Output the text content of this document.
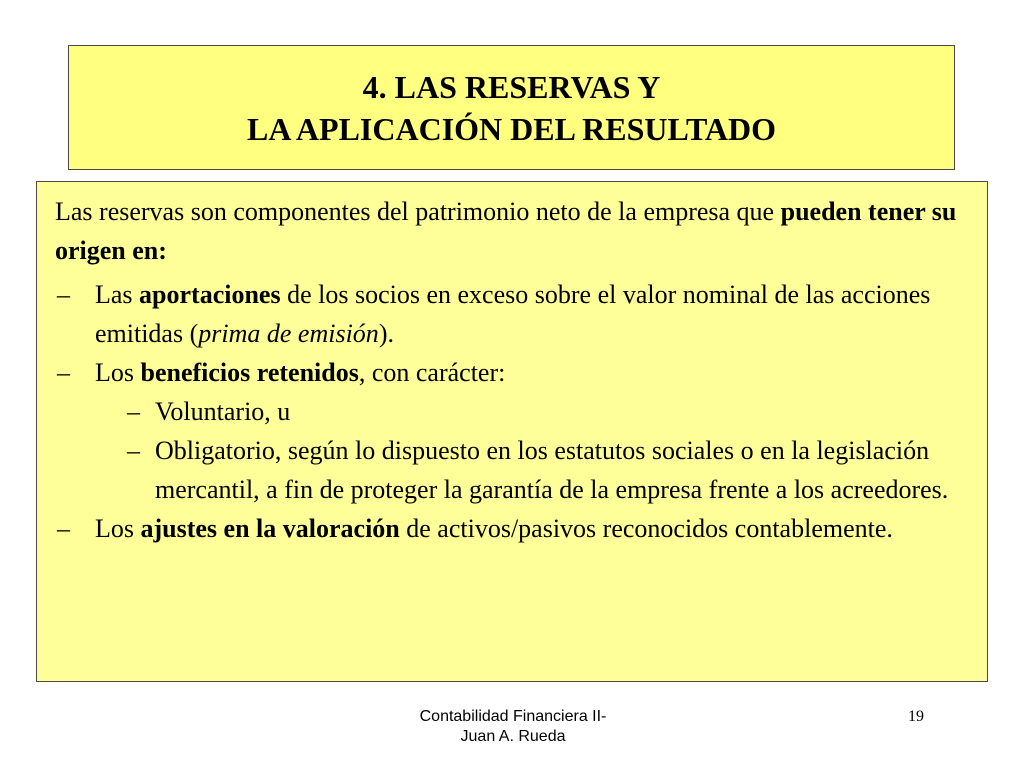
4. LAS RESERVAS Y
LA APLICACIÓN DEL RESULTADO

Las reservas son componentes del patrimonio neto de la empresa que pueden tener su origen en:

– Las aportaciones de los socios en exceso sobre el valor nominal de las acciones emitidas (prima de emisión).

– Los beneficios retenidos, con carácter:

– Voluntario, u

– Obligatorio, según lo dispuesto en los estatutos sociales o en la legislación mercantil, a fin de proteger la garantía de la empresa frente a los acreedores.

– Los ajustes en la valoración de activos/pasivos reconocidos contablemente.

Contabilidad Financiera II-
Juan A. Rueda
19
